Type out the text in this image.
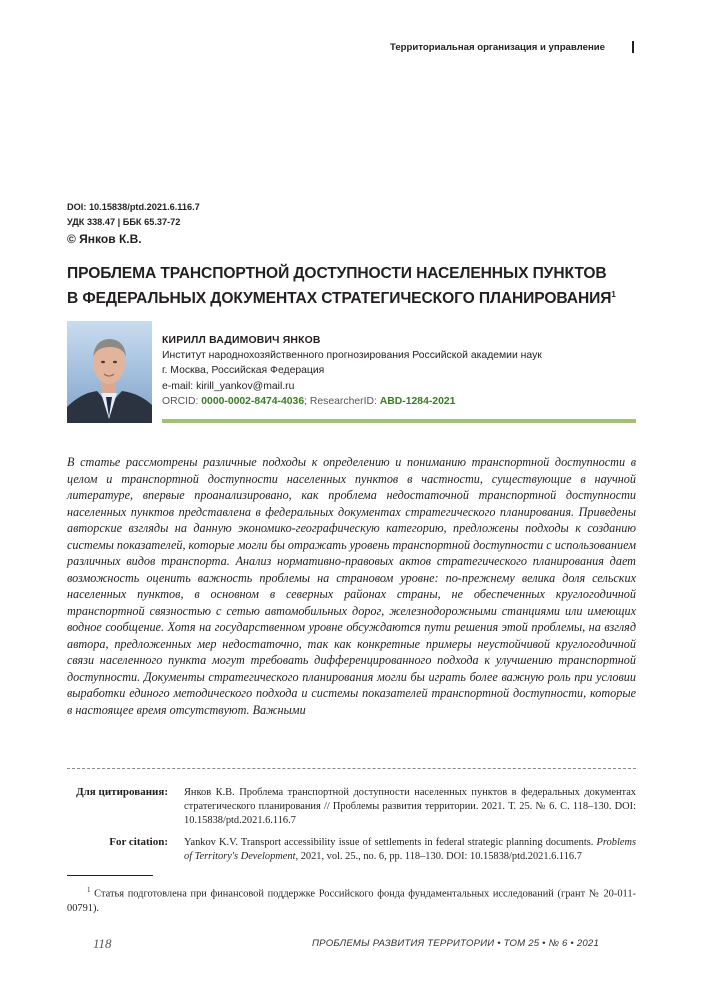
Территориальная организация и управление
DOI: 10.15838/ptd.2021.6.116.7
УДК 338.47 | ББК 65.37-72
© Янков К.В.
ПРОБЛЕМА ТРАНСПОРТНОЙ ДОСТУПНОСТИ НАСЕЛЕННЫХ ПУНКТОВ
В ФЕДЕРАЛЬНЫХ ДОКУМЕНТАХ СТРАТЕГИЧЕСКОГО ПЛАНИРОВАНИЯ$^1$
КИРИЛЛ ВАДИМОВИЧ ЯНКОВ
Институт народнохозяйственного прогнозирования Российской академии наук
г. Москва, Российская Федерация
e-mail: kirill_yankov@mail.ru
ORCID: 0000-0002-8474-4036; ResearcherID: ABD-1284-2021
В статье рассмотрены различные подходы к определению и пониманию транспортной доступности в целом и транспортной доступности населенных пунктов в частности, существующие в научной литературе, впервые проанализировано, как проблема недостаточной транспортной доступности населенных пунктов представлена в федеральных документах стратегического планирования. Приведены авторские взгляды на данную экономико-географическую категорию, предложены подходы к созданию системы показателей, которые могли бы отражать уровень транспортной доступности с использованием различных видов транспорта. Анализ нормативно-правовых актов стратегического планирования дает возможность оценить важность проблемы на страновом уровне: по-прежнему велика доля сельских населенных пунктов, в основном в северных районах страны, не обеспеченных круглогодичной транспортной связностью с сетью автомобильных дорог, железнодорожными станциями или имеющих водное сообщение. Хотя на государственном уровне обсуждаются пути решения этой проблемы, на взгляд автора, предложенных мер недостаточно, так как конкретные примеры неустойчивой круглогодичной связи населенного пункта могут требовать дифференцированного подхода к улучшению транспортной доступности. Документы стратегического планирования могли бы играть более важную роль при условии выработки единого методического подхода и системы показателей транспортной доступности, которые в настоящее время отсутствуют. Важными
Для цитирования: Янков К.В. Проблема транспортной доступности населенных пунктов в федеральных документах стратегического планирования // Проблемы развития территории. 2021. Т. 25. № 6. С. 118–130. DOI: 10.15838/ptd.2021.6.116.7
For citation: Yankov K.V. Transport accessibility issue of settlements in federal strategic planning documents. Problems of Territory's Development, 2021, vol. 25., no. 6, pp. 118–130. DOI: 10.15838/ptd.2021.6.116.7
$^1$ Статья подготовлена при финансовой поддержке Российского фонда фундаментальных исследований (грант № 20-011-00791).
118	ПРОБЛЕМЫ РАЗВИТИЯ ТЕРРИТОРИИ • ТОМ 25 • № 6 • 2021
